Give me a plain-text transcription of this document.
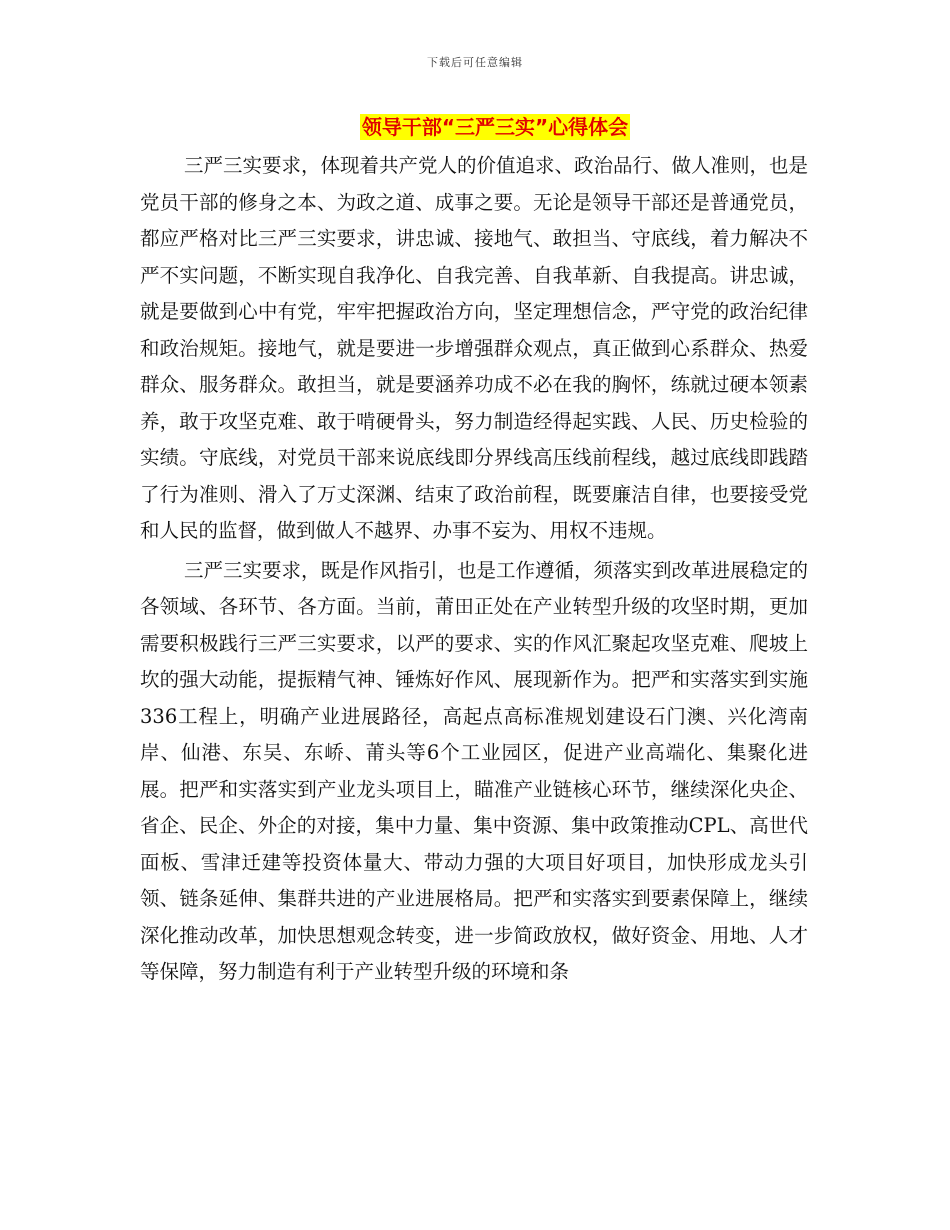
下载后可任意编辑
领导干部“三严三实”心得体会

三严三实要求，体现着共产党人的价值追求、政治品行、做人准则，也是党员干部的修身之本、为政之道、成事之要。无论是领导干部还是普通党员，都应严格对比三严三实要求，讲忠诚、接地气、敢担当、守底线，着力解决不严不实问题，不断实现自我净化、自我完善、自我革新、自我提高。讲忠诚，就是要做到心中有党，牢牢把握政治方向，坚定理想信念，严守党的政治纪律和政治规矩。接地气，就是要进一步增强群众观点，真正做到心系群众、热爱群众、服务群众。敢担当，就是要涵养功成不必在我的胸怀，练就过硬本领素养，敢于攻坚克难、敢于啃硬骨头，努力制造经得起实践、人民、历史检验的实绩。守底线，对党员干部来说底线即分界线高压线前程线，越过底线即践踏了行为准则、滑入了万丈深渊、结束了政治前程，既要廉洁自律，也要接受党和人民的监督，做到做人不越界、办事不妄为、用权不违规。

三严三实要求，既是作风指引，也是工作遵循，须落实到改革进展稳定的各领域、各环节、各方面。当前，莆田正处在产业转型升级的攻坚时期，更加需要积极践行三严三实要求，以严的要求、实的作风汇聚起攻坚克难、爬坡上坎的强大动能，提振精气神、锤炼好作风、展现新作为。把严和实落实到实施336工程上，明确产业进展路径，高起点高标准规划建设石门澳、兴化湾南岸、仙港、东吴、东峤、莆头等6个工业园区，促进产业高端化、集聚化进展。把严和实落实到产业龙头项目上，瞄准产业链核心环节，继续深化央企、省企、民企、外企的对接，集中力量、集中资源、集中政策推动CPL、高世代面板、雪津迁建等投资体量大、带动力强的大项目好项目，加快形成龙头引领、链条延伸、集群共进的产业进展格局。把严和实落实到要素保障上，继续深化推动改革，加快思想观念转变，进一步简政放权，做好资金、用地、人才等保障，努力制造有利于产业转型升级的环境和条
